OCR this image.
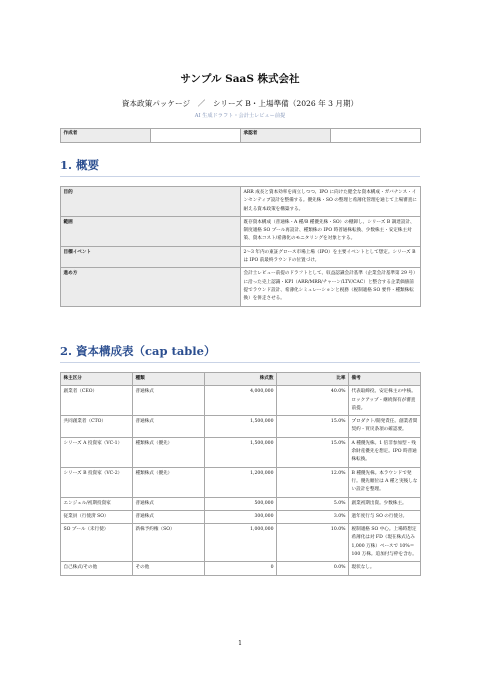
サンプル SaaS 株式会社
資本政策パッケージ　／　シリーズ B・上場準備（2026 年 3 月期）
AI 生成ドラフト・会計士レビュー前提
作成者		承認者	
1. 概要
目的	ARR 成長と資本効率を両立しつつ、IPO に向けた健全な資本構成・ガバナンス・インセンティブ設計を整備する。優先株・SO の整理と希薄化管理を通じて上場審査に耐える資本政策を構築する。
範囲	既存資本構成（普通株・A 種/B 種優先株・SO）の棚卸し、シリーズ B 調達設計、制度適格 SO プール再設計、種類株の IPO 時普通株転換、少数株主・安定株主対策、資本コスト/希薄化のモニタリングを対象とする。
目標イベント	2〜3 年内の東証グロース市場上場（IPO）を主要イベントとして想定。シリーズ B は IPO 前最終ラウンドの位置づけ。
進め方	会計士レビュー前提のドラフトとして、収益認識会計基準（企業会計基準第 29 号）に沿った売上認識・KPI（ARR/MRR/チャーン/LTV/CAC）と整合する企業価値前提でラウンド設計、希薄化シミュレーションと税務（税制適格 SO 要件・種類株転換）を併走させる。
2. 資本構成表（cap table）
株主区分	種類	株式数	比率	備考
創業者（CEO）	普通株式	4,000,000	40.0%	代表取締役。安定株主の中核。ロックアップ・継続保有が審査前提。
共同創業者（CTO）	普通株式	1,500,000	15.0%	プロダクト/開発責任。創業者間契約・買戻条項の確認要。
シリーズ A 投資家（VC-1）	種類株式（優先）	1,500,000	15.0%	A 種優先株。1 倍非参加型・残余財産優先を想定。IPO 時普通株転換。
シリーズ B 投資家（VC-2）	種類株式（優先）	1,200,000	12.0%	B 種優先株。本ラウンドで発行。優先順位は A 種と実後しない設計を整理。
エンジェル/初期投資家	普通株式	500,000	5.0%	創業初期出資。少数株主。
従業員（行使済 SO）	普通株式	300,000	3.0%	過年度行与 SO の行使分。
SO プール（未行使）	新株予約権（SO）	1,000,000	10.0%	税制適格 SO 中心。上場時想定希薄化は対 FD（現在株式込み 1,000 万株）ベースで 10%＝100 万株。追加付与枠を含む。
自己株式/その他	その他	0	0.0%	現状なし。
1
